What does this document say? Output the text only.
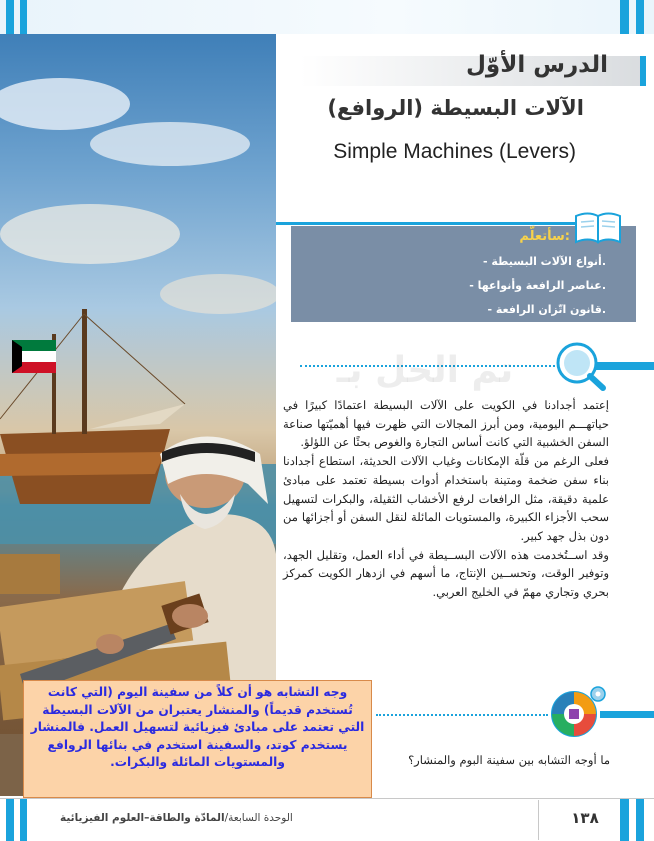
الدرس الأوّل
الآلات البسيطة (الروافع)
Simple Machines (Levers)
سأتعلّم:
- أنواع الآلات البسيطة.
- عناصر الرافعة وأنواعها.
- قانون اتّزان الرافعة.
تم الحل بـ

إعتمد أجدادنا في الكويت على الآلات البسيطة اعتمادًا كبيرًا في حياتهـــم اليومية، ومن أبرز المجالات التي ظهرت فيها أهميّتها صناعة السفن الخشبية التي كانت أساس التجارة والغوص بحثًا عن اللؤلؤ.

فعلى الرغم من قلّة الإمكانات وغياب الآلات الحديثة، استطاع أجدادنا بناء سفن ضخمة ومتينة باستخدام أدوات بسيطة تعتمد على مبادئ علمية دقيقة، مثل الرافعات لرفع الأخشاب الثقيلة، والبكرات لتسهيل سحب الأجزاء الكبيرة، والمستويات المائلة لنقل السفن أو أجزائها من دون بذل جهد كبير.

وقد اســتُخدمت هذه الآلات البســيطة في أداء العمل، وتقليل الجهد، وتوفير الوقت، وتحســين الإنتاج، ما أسهم في ازدهار الكويت كمركز بحري وتجاري مهمّ في الخليج العربي.

ما أوجه التشابه بين سفينة البوم والمنشار؟
وجه التشابه هو أن كلاً من سفينة اليوم (التي كانت تُستخدم قديماً) والمنشار يعتبران من الآلات البسيطة التي تعتمد على مبادئ فيزيائية لتسهيل العمل. فالمنشار يستخدم كوتد، والسفينة استخدم في بنائها الروافع والمستويات المائلة والبكرات.
الوحدة السابعة/المادّة والطاقة–العلوم الفيزيائية	١٣٨
